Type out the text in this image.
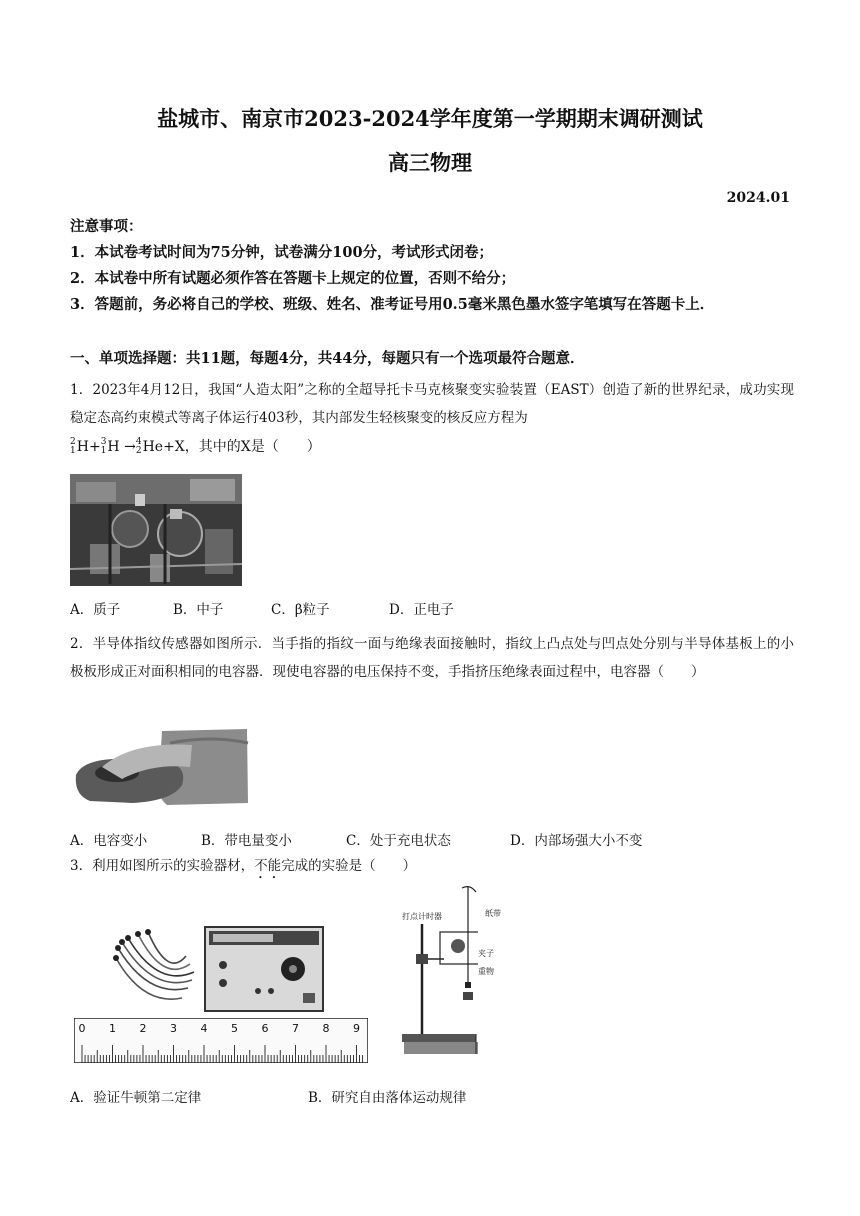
盐城市、南京市2023-2024学年度第一学期期末调研测试
高三物理
2024.01
注意事项：
1．本试卷考试时间为75分钟，试卷满分100分，考试形式闭卷；
2．本试卷中所有试题必须作答在答题卡上规定的位置，否则不给分；
3．答题前，务必将自己的学校、班级、姓名、准考证号用0.5毫米黑色墨水签字笔填写在答题卡上．
一、单项选择题：共11题，每题4分，共44分，每题只有一个选项最符合题意．
1．2023年4月12日，我国“人造太阳”之称的全超导托卡马克核聚变实验装置（EAST）创造了新的世界纪录，成功实现稳定态高约束模式等离子体运行403秒，其内部发生轻核聚变的核反应方程为
2
1H+3
1H →4
2He+X，其中的X是（　　）
A．质子	B．中子	C．β粒子	D．正电子
2．半导体指纹传感器如图所示．当手指的指纹一面与绝缘表面接触时，指纹上凸点处与凹点处分别与半导体基板上的小极板形成正对面积相同的电容器．现使电容器的电压保持不变，手指挤压绝缘表面过程中，电容器（　　）
A．电容变小	B．带电量变小	C．处于充电状态	D．内部场强大小不变
3．利用如图所示的实验器材，不能完成的实验是（　　）
0 1 2 3 4 5 6 7 8 9
打点计时器	纸带
夹子
重物
A．验证牛顿第二定律	B．研究自由落体运动规律
